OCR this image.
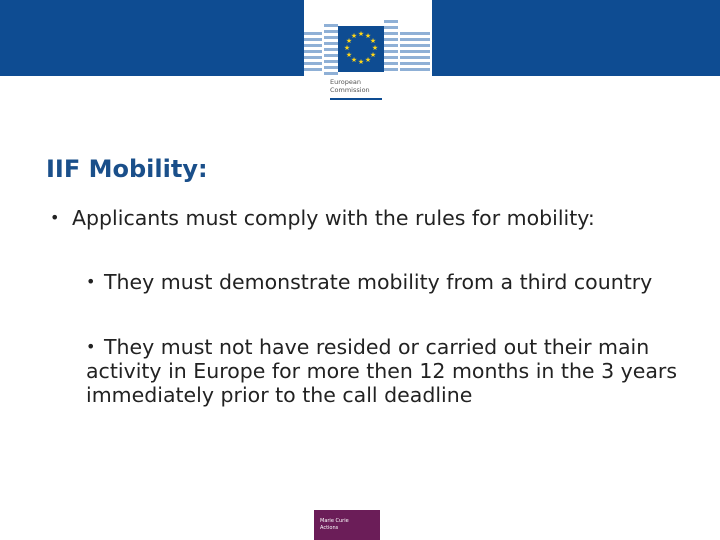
★ ★
★
★
★
★
★
★
★
★
★
★
European
Commission
IIF Mobility:
• Applicants must comply with the rules for mobility:
• They must demonstrate mobility from a third country
• They must not have resided or carried out their main activity in Europe for more then 12 months in the 3 years immediately prior to the call deadline
Marie Curie
Actions
